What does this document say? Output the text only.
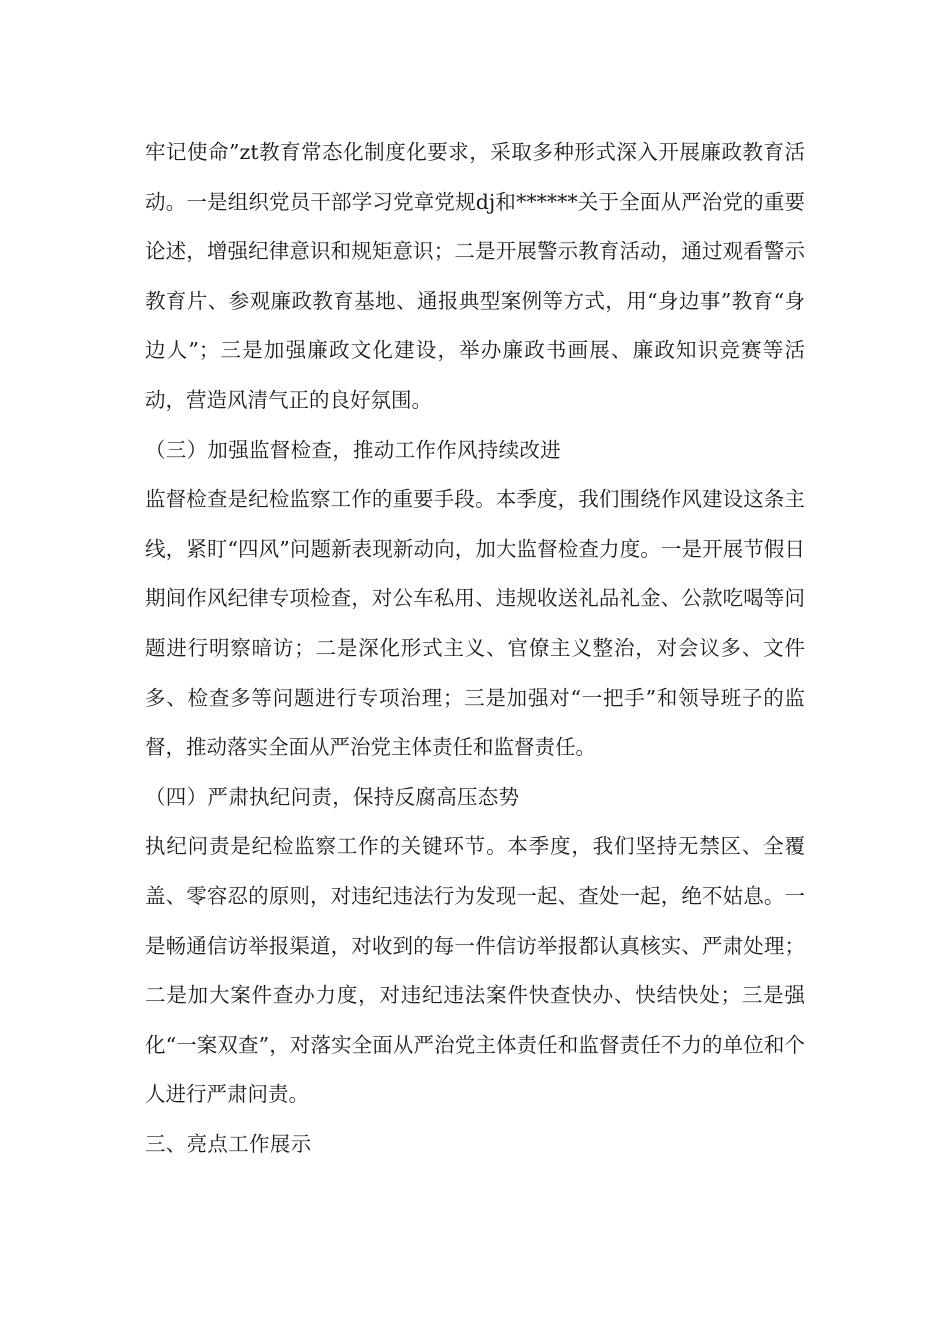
牢记使命”zt教育常态化制度化要求，采取多种形式深入开展廉政教育活动。一是组织党员干部学习党章党规dj和******关于全面从严治党的重要论述，增强纪律意识和规矩意识；二是开展警示教育活动，通过观看警示教育片、参观廉政教育基地、通报典型案例等方式，用“身边事”教育“身边人”；三是加强廉政文化建设，举办廉政书画展、廉政知识竞赛等活动，营造风清气正的良好氛围。

（三）加强监督检查，推动工作作风持续改进

监督检查是纪检监察工作的重要手段。本季度，我们围绕作风建设这条主线，紧盯“四风”问题新表现新动向，加大监督检查力度。一是开展节假日期间作风纪律专项检查，对公车私用、违规收送礼品礼金、公款吃喝等问题进行明察暗访；二是深化形式主义、官僚主义整治，对会议多、文件多、检查多等问题进行专项治理；三是加强对“一把手”和领导班子的监督，推动落实全面从严治党主体责任和监督责任。

（四）严肃执纪问责，保持反腐高压态势

执纪问责是纪检监察工作的关键环节。本季度，我们坚持无禁区、全覆盖、零容忍的原则，对违纪违法行为发现一起、查处一起，绝不姑息。一是畅通信访举报渠道，对收到的每一件信访举报都认真核实、严肃处理；二是加大案件查办力度，对违纪违法案件快查快办、快结快处；三是强化“一案双查”，对落实全面从严治党主体责任和监督责任不力的单位和个人进行严肃问责。

三、亮点工作展示
